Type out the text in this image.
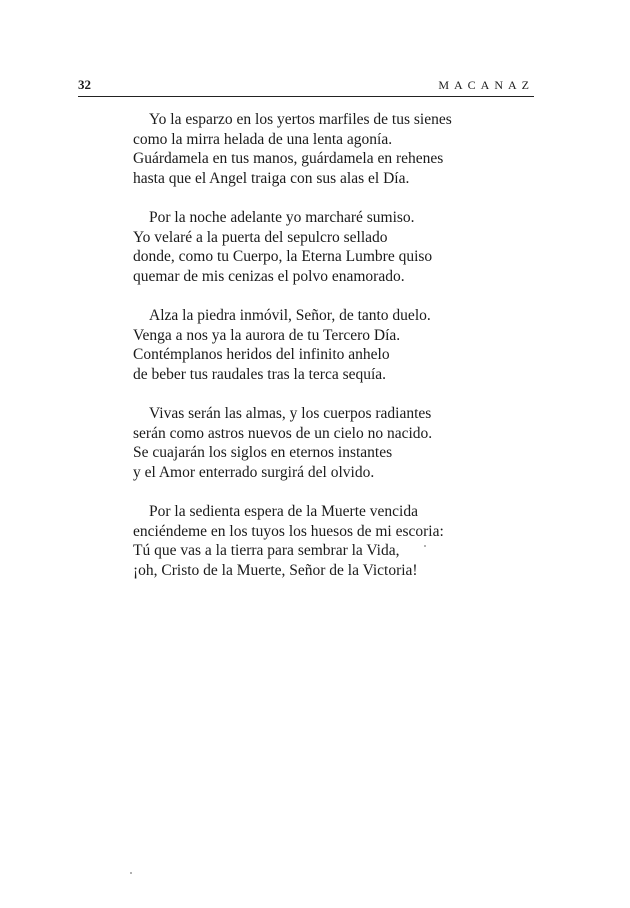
32	MACANAZ
Yo la esparzo en los yertos marfiles de tus sienes
como la mirra helada de una lenta agonía.
Guárdamela en tus manos, guárdamela en rehenes
hasta que el Angel traiga con sus alas el Día.
Por la noche adelante yo marcharé sumiso.
Yo velaré a la puerta del sepulcro sellado
donde, como tu Cuerpo, la Eterna Lumbre quiso
quemar de mis cenizas el polvo enamorado.
Alza la piedra inmóvil, Señor, de tanto duelo.
Venga a nos ya la aurora de tu Tercero Día.
Contémplanos heridos del infinito anhelo
de beber tus raudales tras la terca sequía.
Vivas serán las almas, y los cuerpos radiantes
serán como astros nuevos de un cielo no nacido.
Se cuajarán los siglos en eternos instantes
y el Amor enterrado surgirá del olvido.
Por la sedienta espera de la Muerte vencida
enciéndeme en los tuyos los huesos de mi escoria:
Tú que vas a la tierra para sembrar la Vida,
¡oh, Cristo de la Muerte, Señor de la Victoria!
